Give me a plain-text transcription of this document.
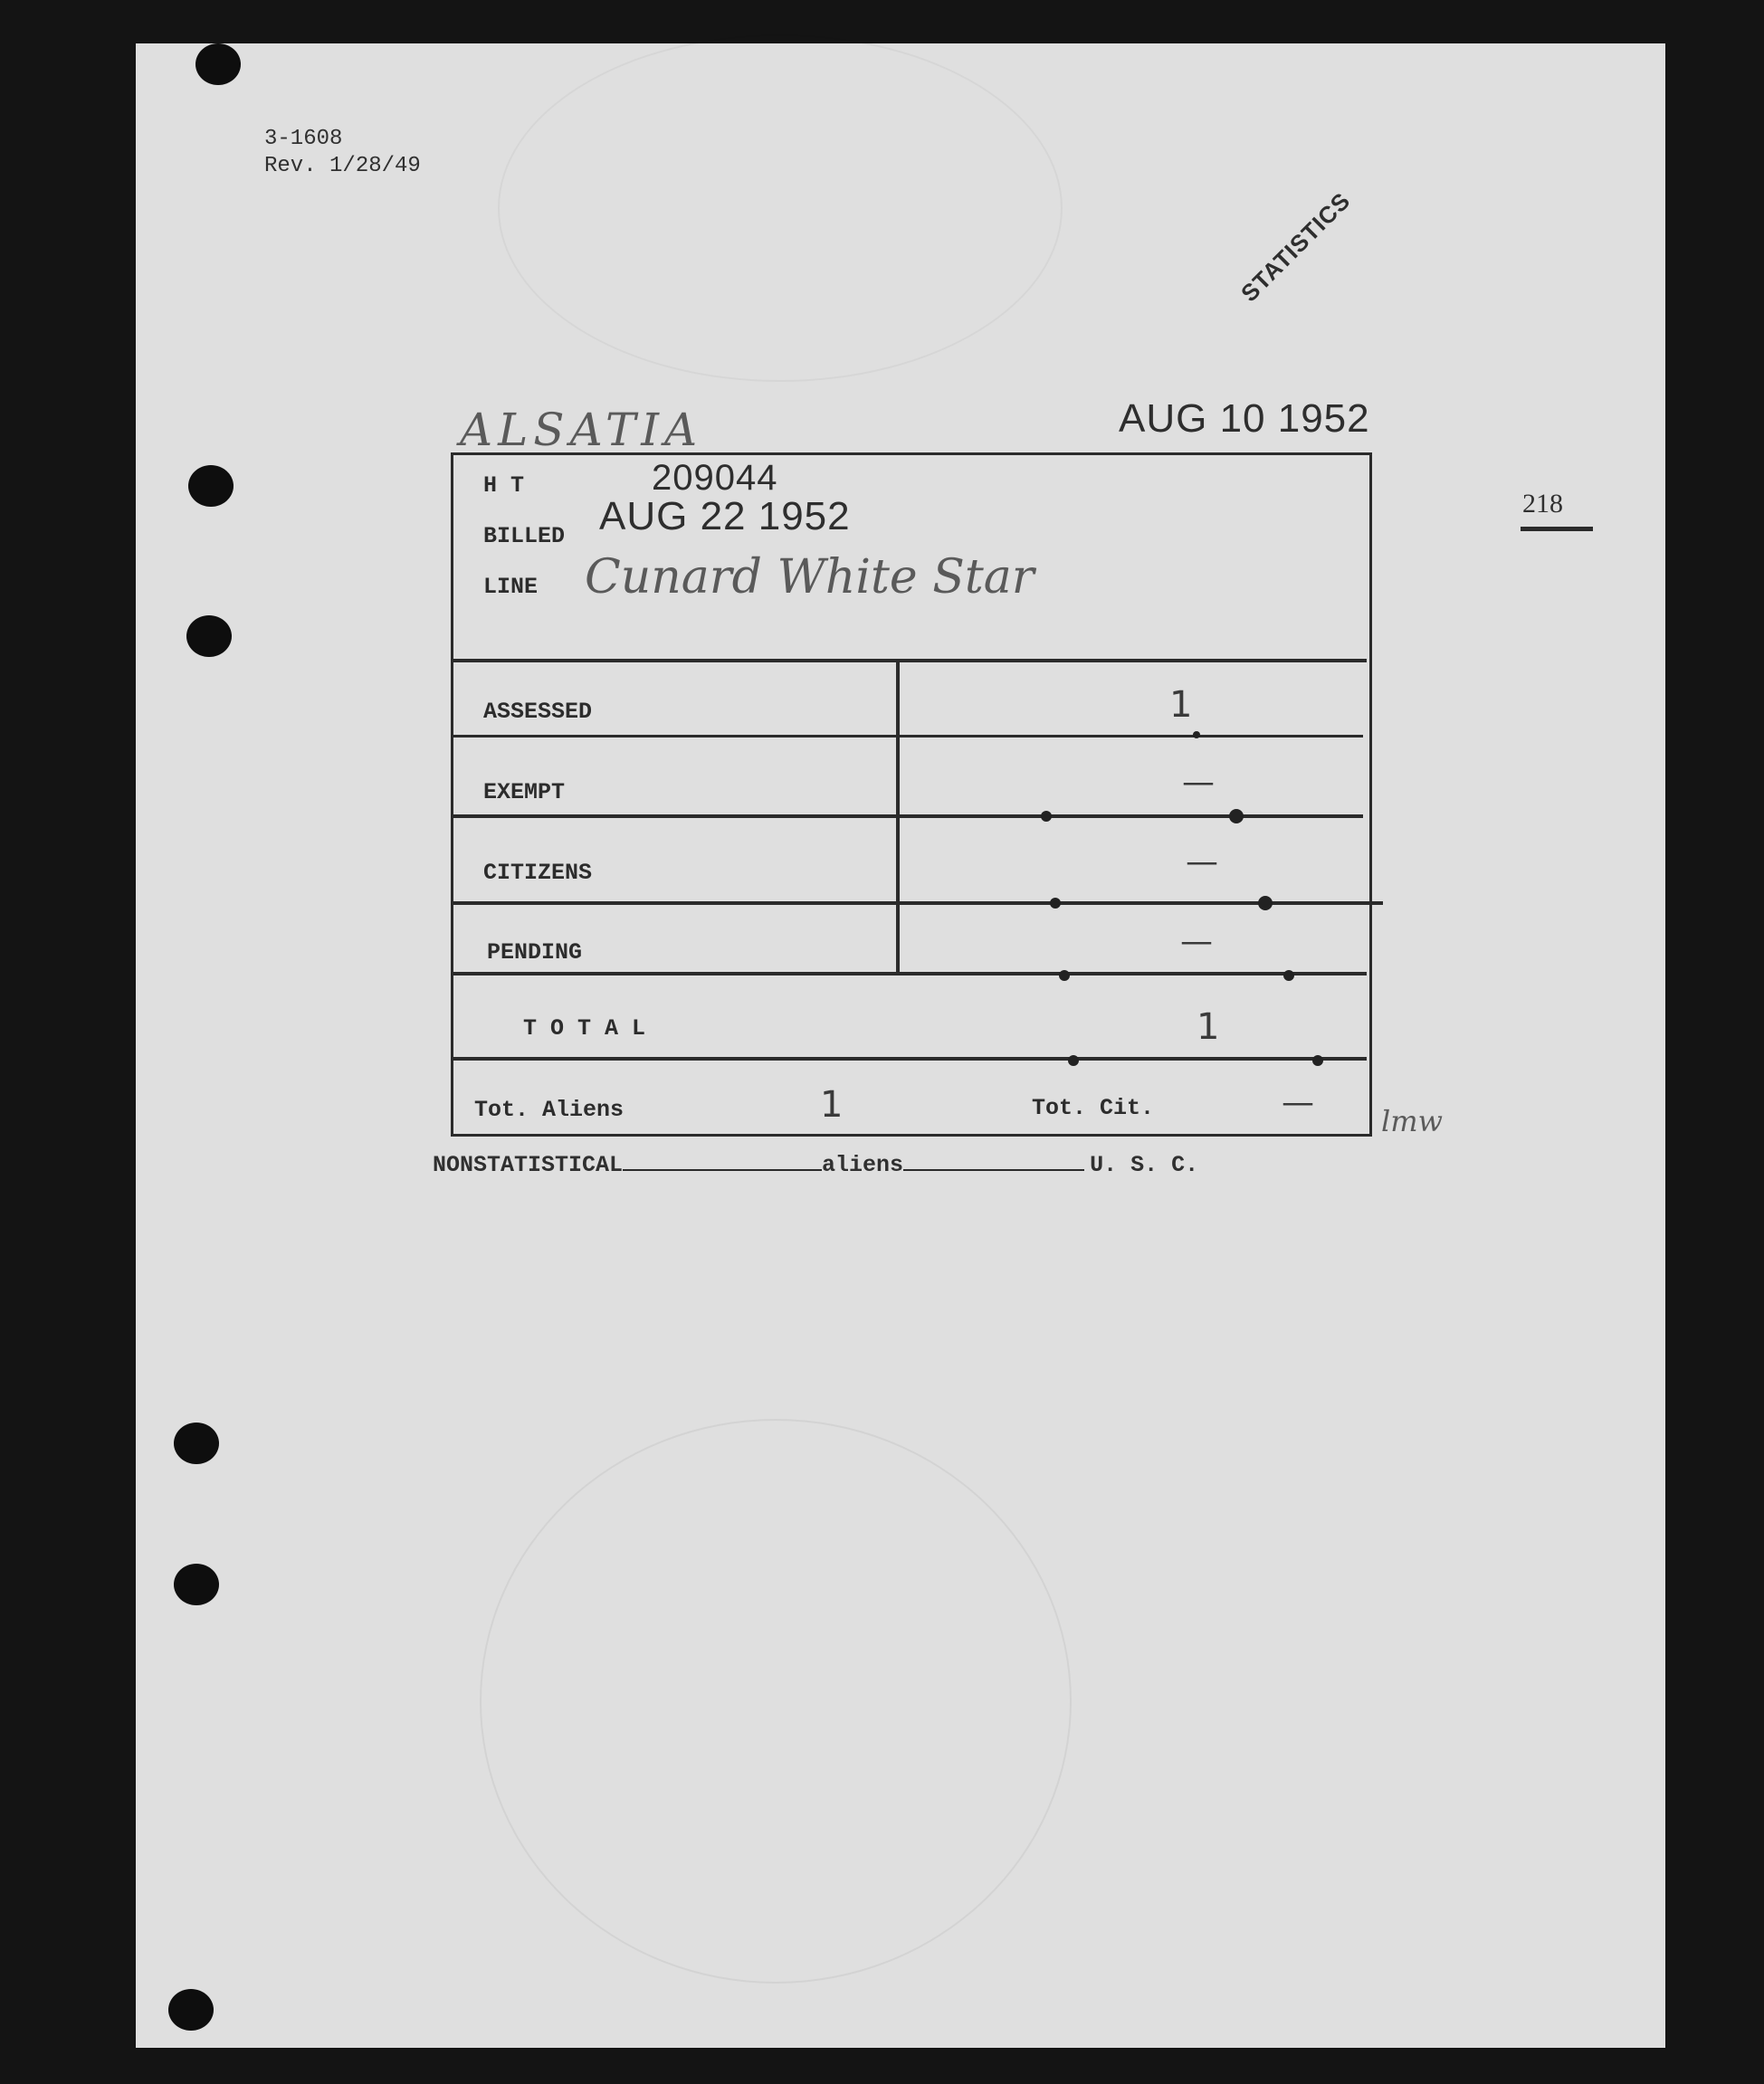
3-1608
Rev. 1/28/49
STATISTICS
ALSATIA	AUG 10 1952
218
H T	209044
BILLED AUG 22 1952
LINE Cunard White Star
ASSESSED	1
EXEMPT	—
CITIZENS	—
PENDING	—
T O T A L	1
Tot. Aliens	1	Tot. Cit.	— lmw
NONSTATISTICAL	aliens	U. S. C.
